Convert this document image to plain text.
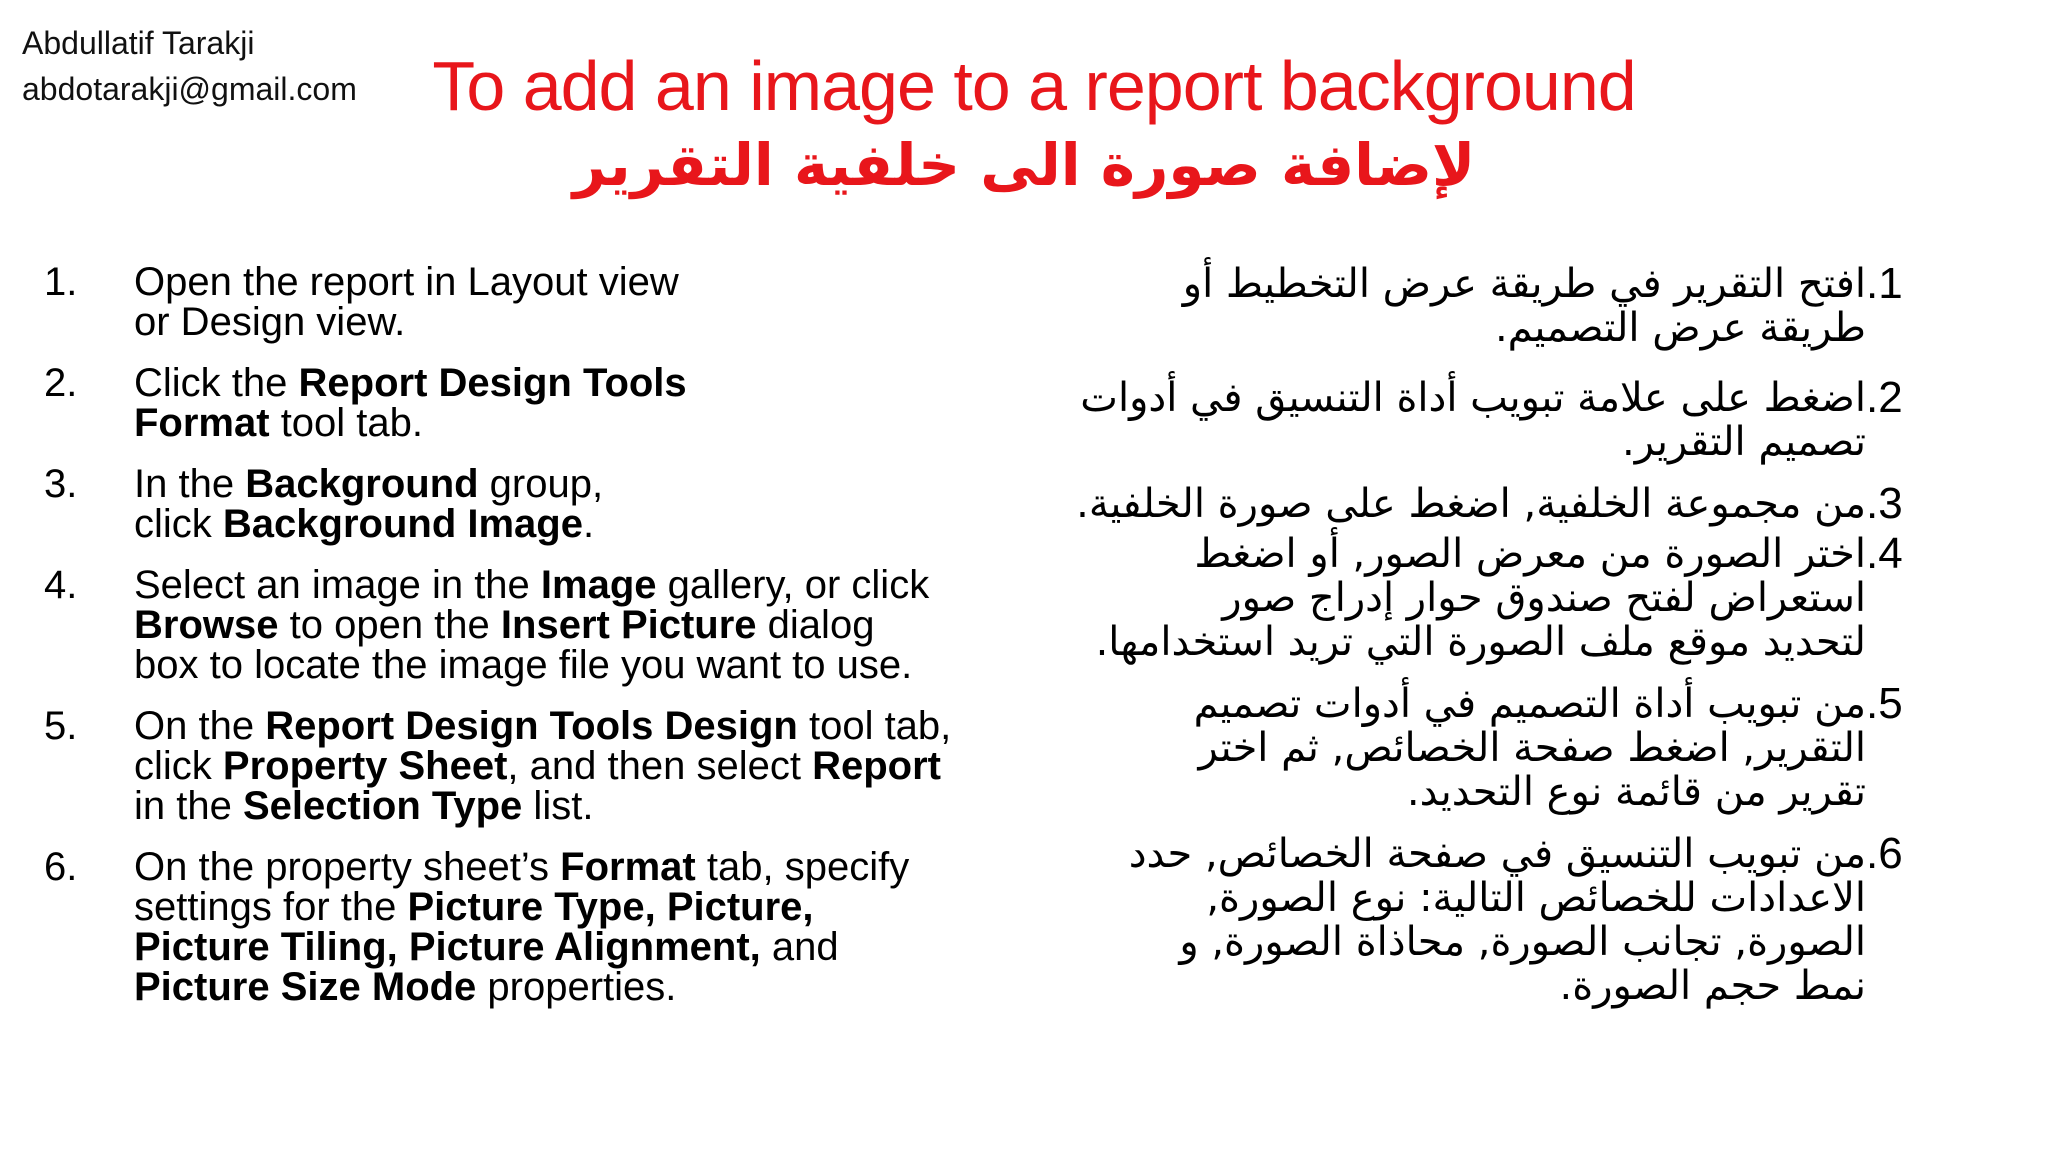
Abdullatif Tarakji
abdotarakji@gmail.com	To add an image to a report background
لإضافة صورة الى خلفية التقرير
1.	Open the report in Layout view
or Design view.
2.	Click the Report Design Tools
Format tool tab.
3.	In the Background group,
click Background Image.
4.	Select an image in the Image gallery, or click
Browse to open the Insert Picture dialog
box to locate the image file you want to use.
5.	On the Report Design Tools Design tool tab,
click Property Sheet, and then select Report
in the Selection Type list.
6.	On the property sheet’s Format tab, specify
settings for the Picture Type, Picture,
Picture Tiling, Picture Alignment, and
Picture Size Mode properties.
.1
افتح التقرير في طريقة عرض التخطيط أو
طريقة عرض التصميم.
.2
اضغط على علامة تبويب أداة التنسيق في أدوات
تصميم التقرير.
.3
من مجموعة الخلفية, اضغط على صورة الخلفية.
.4
اختر الصورة من معرض الصور, أو اضغط
استعراض لفتح صندوق حوار إدراج صور
لتحديد موقع ملف الصورة التي تريد استخدامها.
.5
من تبويب أداة التصميم في أدوات تصميم
التقرير, اضغط صفحة الخصائص, ثم اختر
تقرير من قائمة نوع التحديد.
.6
من تبويب التنسيق في صفحة الخصائص, حدد
الاعدادات للخصائص التالية: نوع الصورة,
الصورة, تجانب الصورة, محاذاة الصورة, و
نمط حجم الصورة.
